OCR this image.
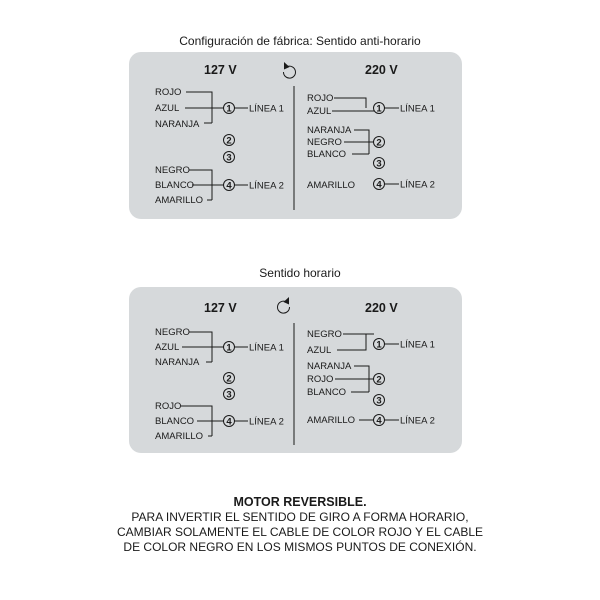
Configuración de fábrica: Sentido anti-horario
127 V	220 V
ROJO
AZUL
NARANJA
1 LÍNEA 1
2
3
NEGRO
BLANCO
AMARILLO
4 LÍNEA 2
ROJO
AZUL	1 LÍNEA 1
NARANJA
NEGRO
BLANCO
2
3
AMARILLO 4 LÍNEA 2
Sentido horario
127 V	220 V
NEGRO
AZUL
NARANJA
1 LÍNEA 1
2
3
ROJO
BLANCO
AMARILLO
4 LÍNEA 2
NEGRO
AZUL	1 LÍNEA 1
NARANJA
ROJO
BLANCO
2
3
AMARILLO 4 LÍNEA 2
MOTOR REVERSIBLE.
PARA INVERTIR EL SENTIDO DE GIRO A FORMA HORARIO,
CAMBIAR SOLAMENTE EL CABLE DE COLOR ROJO Y EL CABLE
DE COLOR NEGRO EN LOS MISMOS PUNTOS DE CONEXIÓN.
